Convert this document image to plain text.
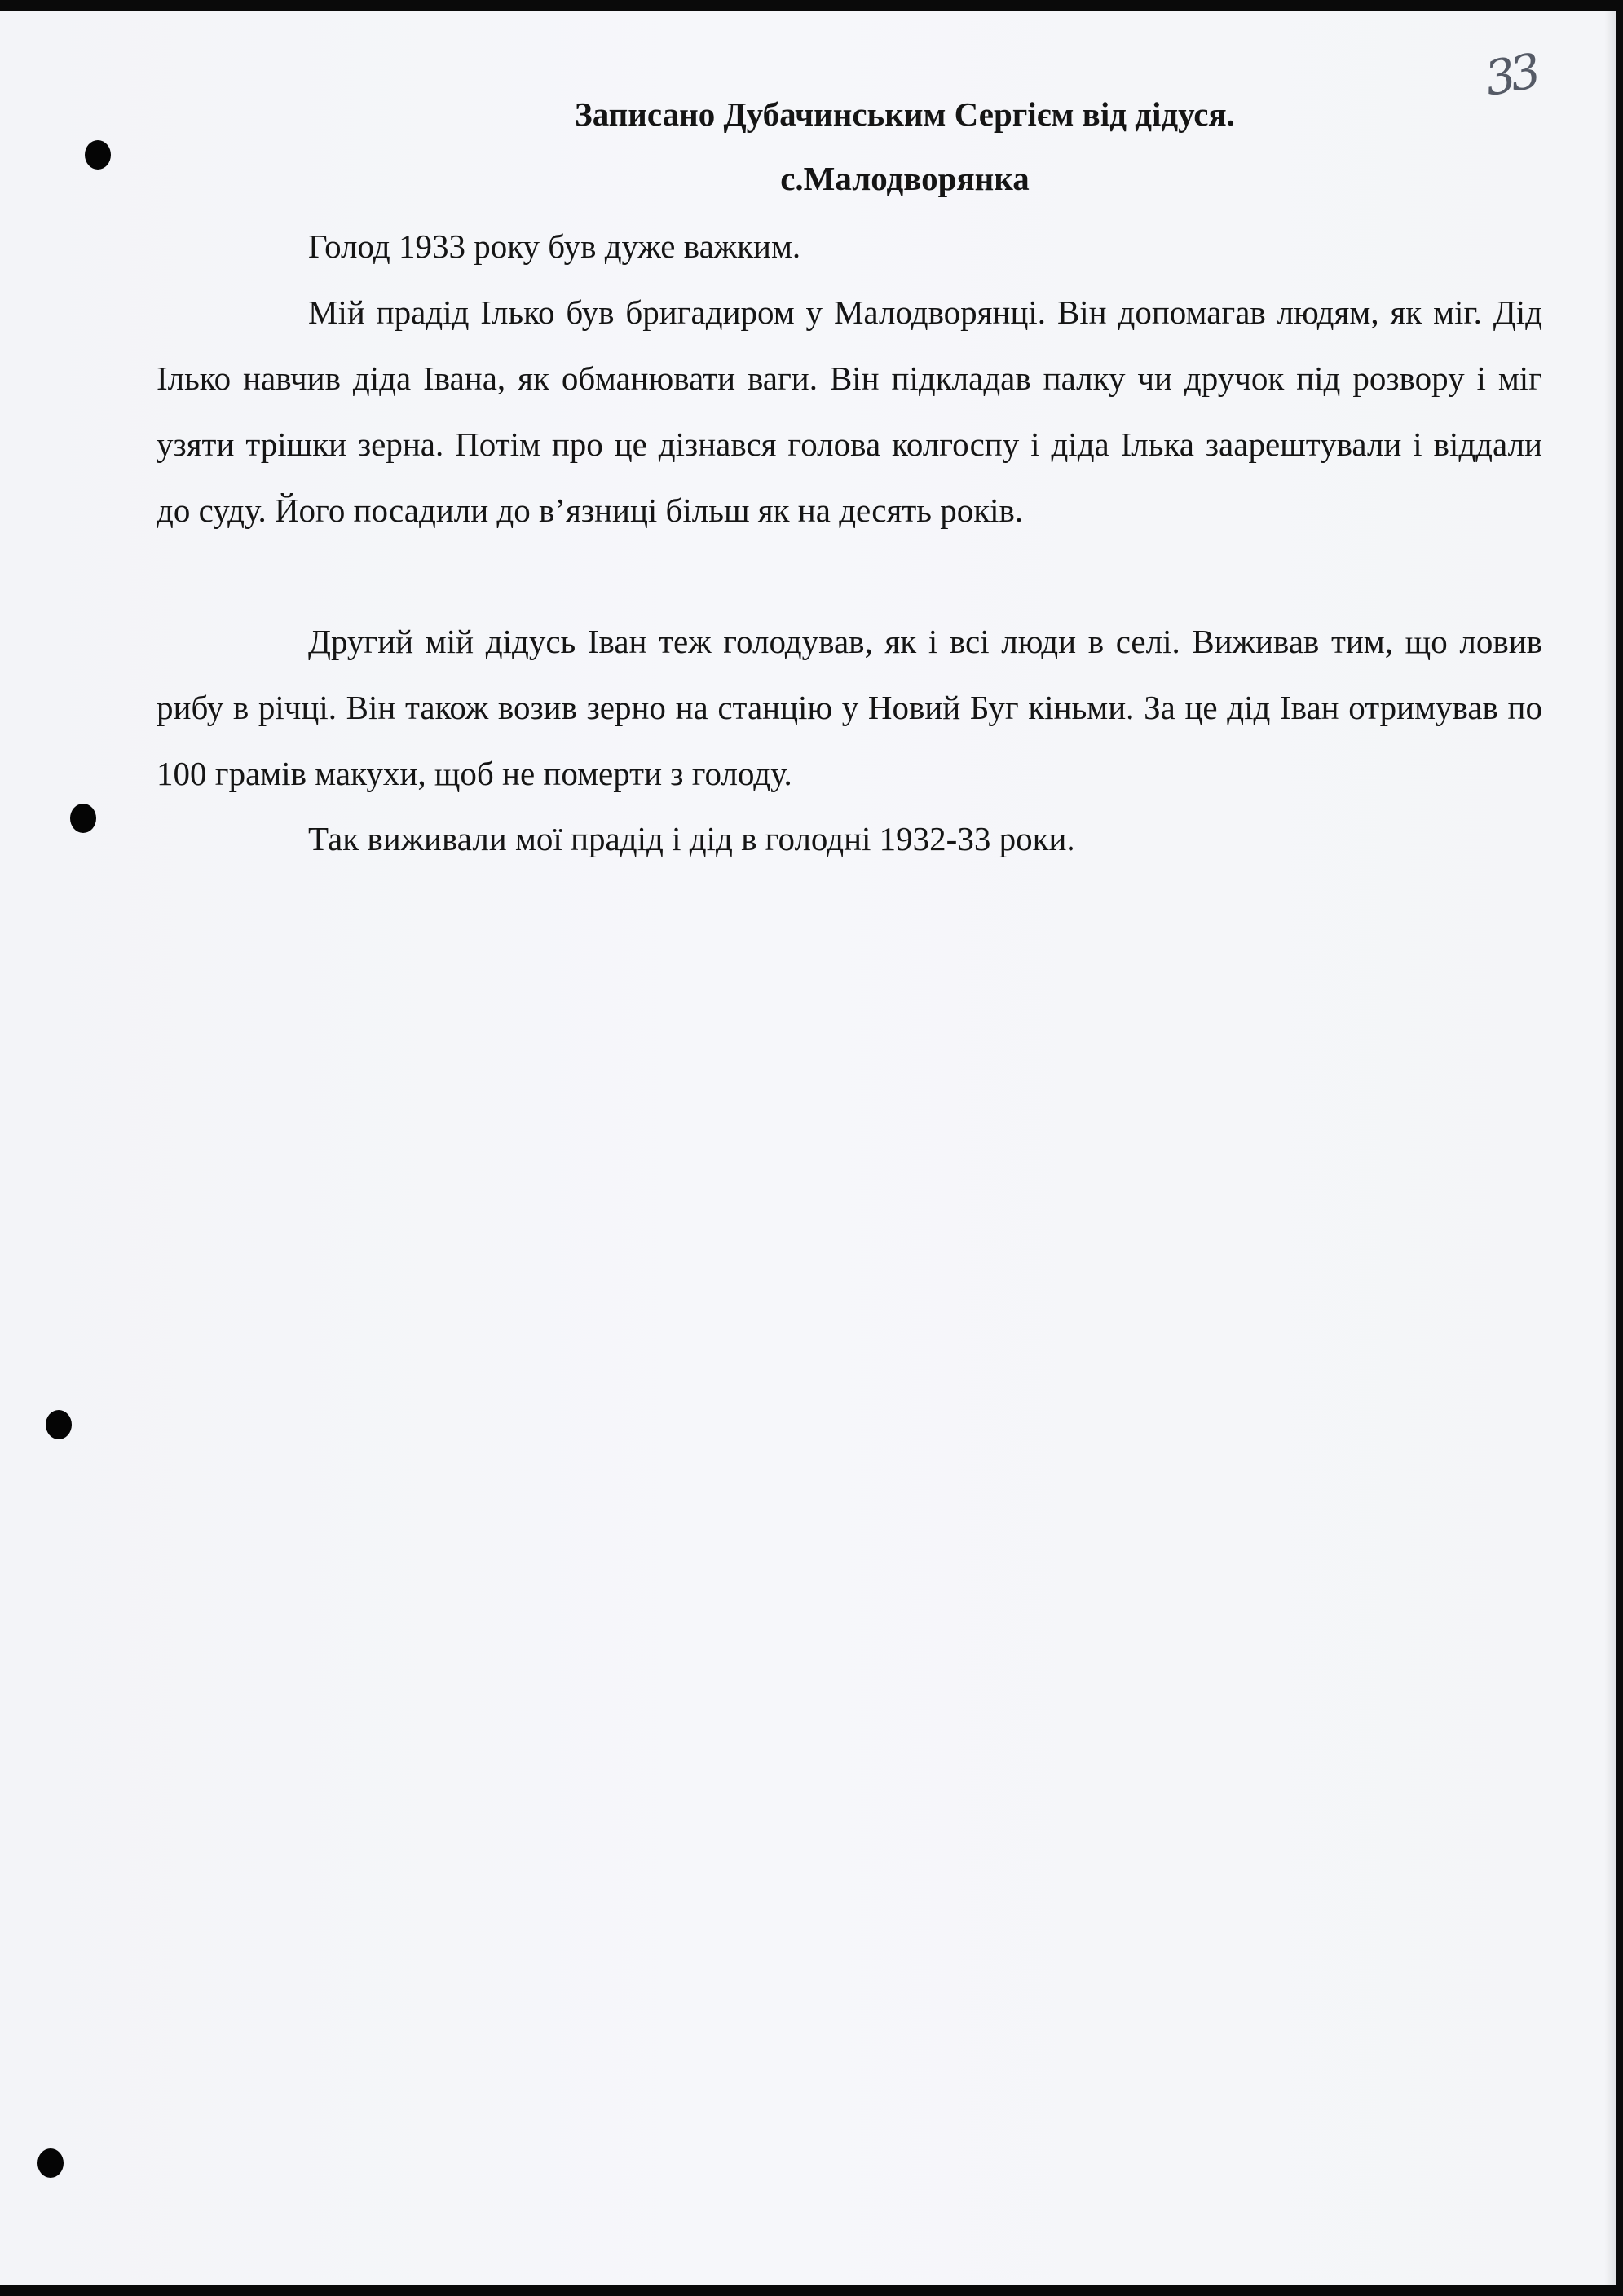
33
Записано Дубачинським Сергієм від дідуся.
с.Малодворянка

Голод 1933 року був дуже важким.

Мій прадід Ілько був бригадиром у Малодворянці. Він допомагав людям, як міг. Дід Ілько навчив діда Івана, як обманювати ваги. Він підкладав палку чи дручок під розвору і міг узяти трішки зерна. Потім про це дізнався голова колгоспу і діда Ілька заарештували і віддали до суду. Його посадили до в’язниці більш як на десять років.

Другий мій дідусь Іван теж голодував, як і всі люди в селі. Виживав тим, що ловив рибу в річці. Він також возив зерно на станцію у Новий Буг кіньми. За це дід Іван отримував по 100 грамів макухи, щоб не померти з голоду.

Так виживали мої прадід і дід в голодні 1932-33 роки.
